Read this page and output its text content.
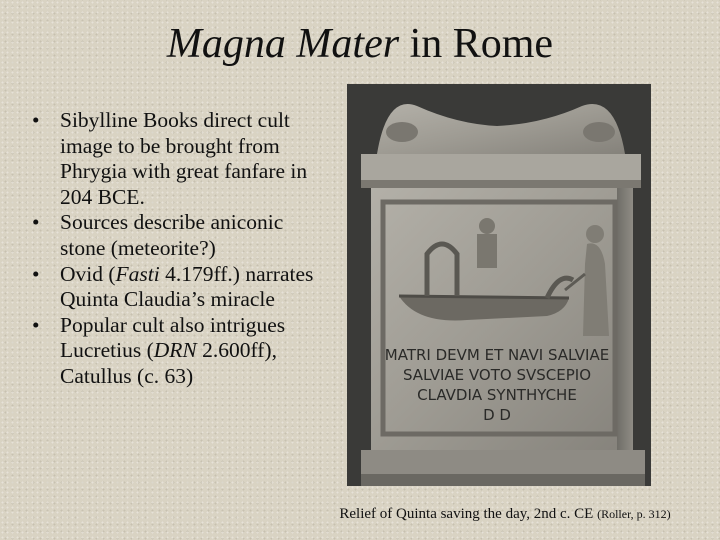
Magna Mater in Rome
• Sibylline Books direct cult image to be brought from Phrygia with great fanfare in 204 BCE.
• Sources describe aniconic stone (meteorite?)
• Ovid (Fasti 4.179ff.) narrates Quinta Claudia’s miracle
• Popular cult also intrigues Lucretius (DRN 2.600ff), Catullus (c. 63)
MATRI DEVM ET NAVI SALVIAE
SALVIAE VOTO SVSCEPIO
CLAVDIA SYNTHYCHE
D D
Relief of Quinta saving the day, 2nd c. CE (Roller, p. 312)
